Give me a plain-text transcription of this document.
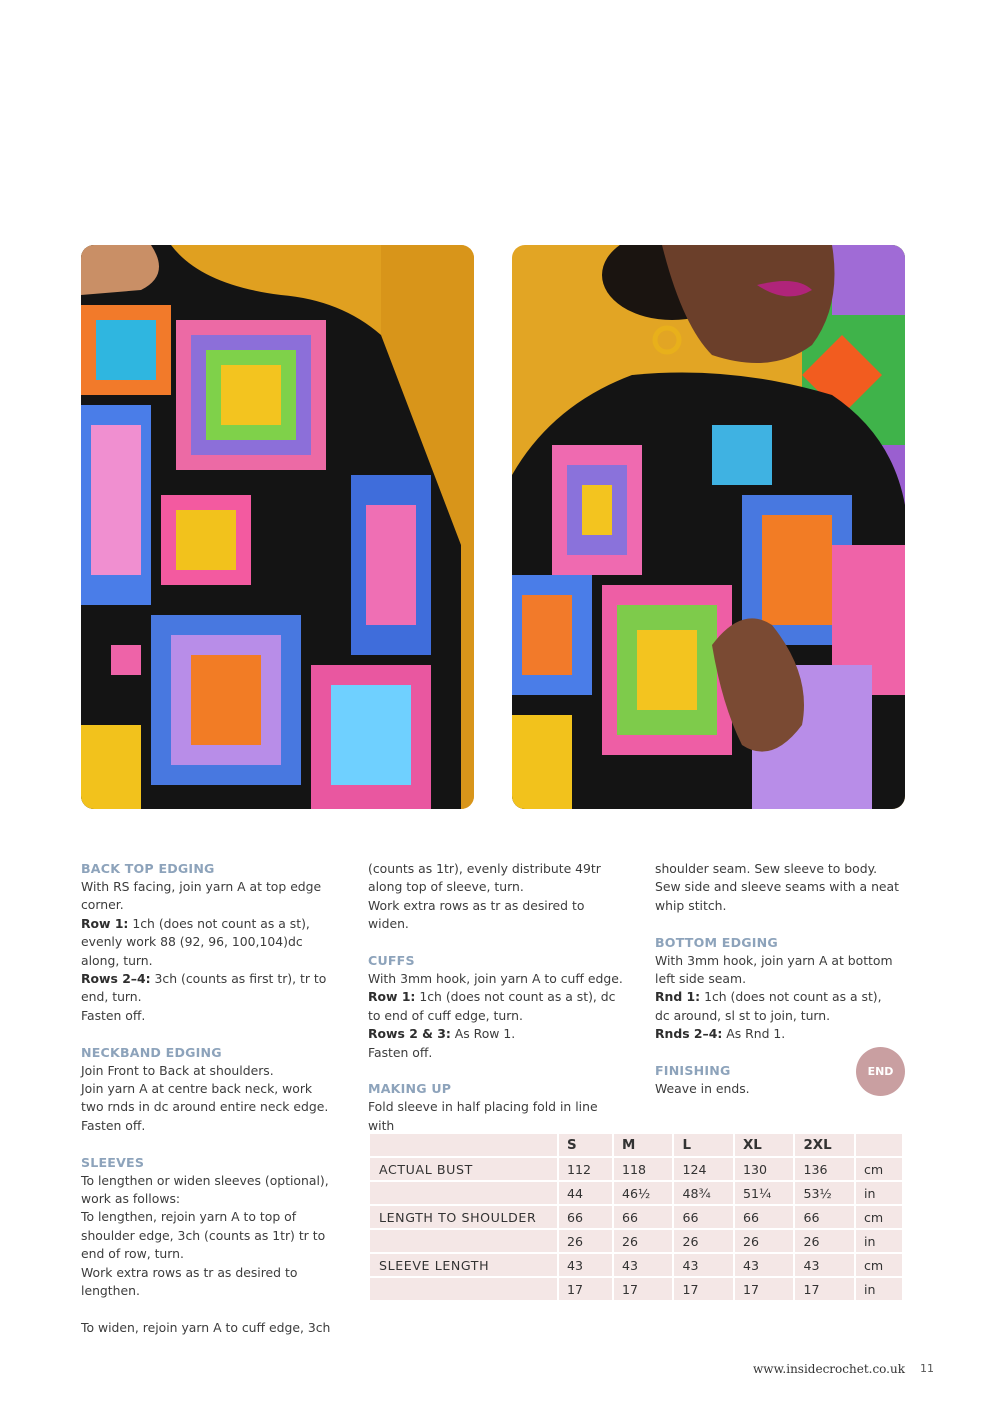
BACK TOP EDGING

With RS facing, join yarn A at top edge corner.

Row 1: 1ch (does not count as a st), evenly work 88 (92, 96, 100,104)dc along, turn.

Rows 2–4: 3ch (counts as first tr), tr to end, turn.

Fasten off.

NECKBAND EDGING

Join Front to Back at shoulders.

Join yarn A at centre back neck, work two rnds in dc around entire neck edge.

Fasten off.

SLEEVES

To lengthen or widen sleeves (optional), work as follows:

To lengthen, rejoin yarn A to top of shoulder edge, 3ch (counts as 1tr) tr to end of row, turn.

Work extra rows as tr as desired to lengthen.

To widen, rejoin yarn A to cuff edge, 3ch

(counts as 1tr), evenly distribute 49tr along top of sleeve, turn.

Work extra rows as tr as desired to widen.

CUFFS

With 3mm hook, join yarn A to cuff edge.

Row 1: 1ch (does not count as a st), dc to end of cuff edge, turn.

Rows 2 & 3: As Row 1.

Fasten off.

MAKING UP

Fold sleeve in half placing fold in line with

shoulder seam. Sew sleeve to body.

Sew side and sleeve seams with a neat whip stitch.

BOTTOM EDGING

With 3mm hook, join yarn A at bottom left side seam.

Rnd 1: 1ch (does not count as a st), dc around, sl st to join, turn.

Rnds 2–4: As Rnd 1.

FINISHING

Weave in ends.

END
	S	M	L	XL	2XL	
ACTUAL BUST	112	118	124	130	136	cm
	44	46½	48¾	51¼	53½	in
LENGTH TO SHOULDER	66	66	66	66	66	cm
	26	26	26	26	26	in
SLEEVE LENGTH	43	43	43	43	43	cm
	17	17	17	17	17	in
www.insidecrochet.co.uk 11
